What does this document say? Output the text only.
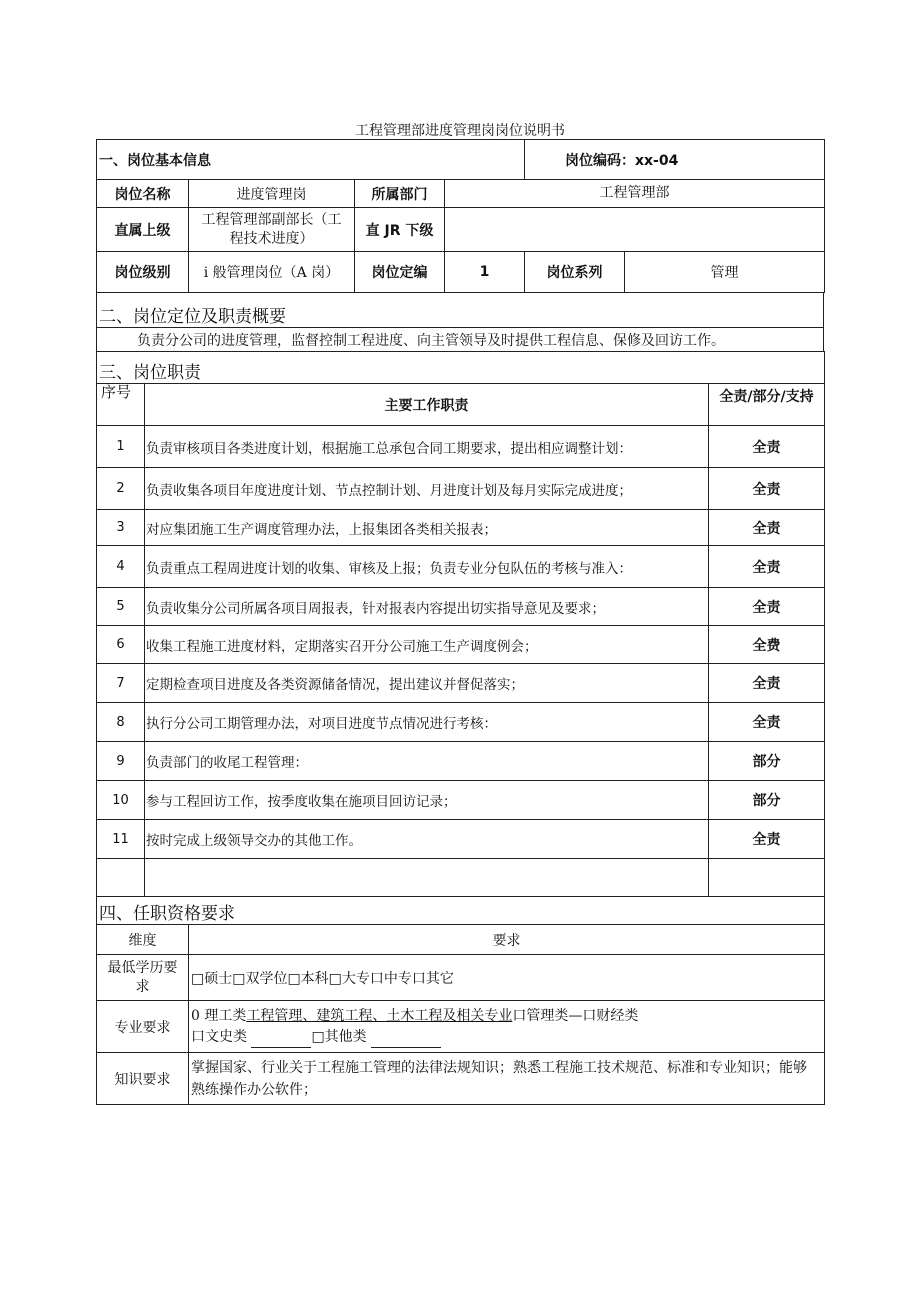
工程管理部进度管理岗岗位说明书
一、岗位基本信息				岗位编码：xx-04	
岗位名称	进度管理岗	所属部门	工程管理部		
直属上级	工程管理部副部长（工程技术进度）	直 JR 下级			
岗位级别	i 般管理岗位（A 岗）	岗位定编	1	岗位系列	管理
二、岗位定位及职责概要
负责分公司的进度管理，监督控制工程进度、向主管领导及时提供工程信息、保修及回访工作。
三、岗位职责		
序号	主要工作职责	全责/部分/支持
1	负责审核项目各类进度计划，根据施工总承包合同工期要求，提出相应调整计划：	全责
2	负责收集各项目年度进度计划、节点控制计划、月进度计划及每月实际完成进度；	全责
3	对应集团施工生产调度管理办法，上报集团各类相关报表；	全责
4	负责重点工程周进度计划的收集、审核及上报；负责专业分包队伍的考核与准入：	全责
5	负责收集分公司所属各项目周报表，针对报表内容提出切实指导意见及要求；	全责
6	收集工程施工进度材料，定期落实召开分公司施工生产调度例会；	全费
7	定期检查项目进度及各类资源储备情况，提出建议并督促落实；	全责
8	执行分公司工期管理办法，对项目进度节点情况进行考核：	全责
9	负责部门的收尾工程管理：	部分
10	参与工程回访工作，按季度收集在施项目回访记录；	部分
11	按时完成上级领导交办的其他工作。	全责

四、任职资格要求	
维度	要求
最低学历要求	□硕士□双学位□本科□大专口中专口其它
专业要求	0 理工类工程管理、建筑工程、土木工程及相关专业口管理类—口财经类
口文史类 □其他类

知识要求	掌握国家、行业关于工程施工管理的法律法规知识；熟悉工程施工技术规范、标准和专业知识；能够熟练操作办公软件；
